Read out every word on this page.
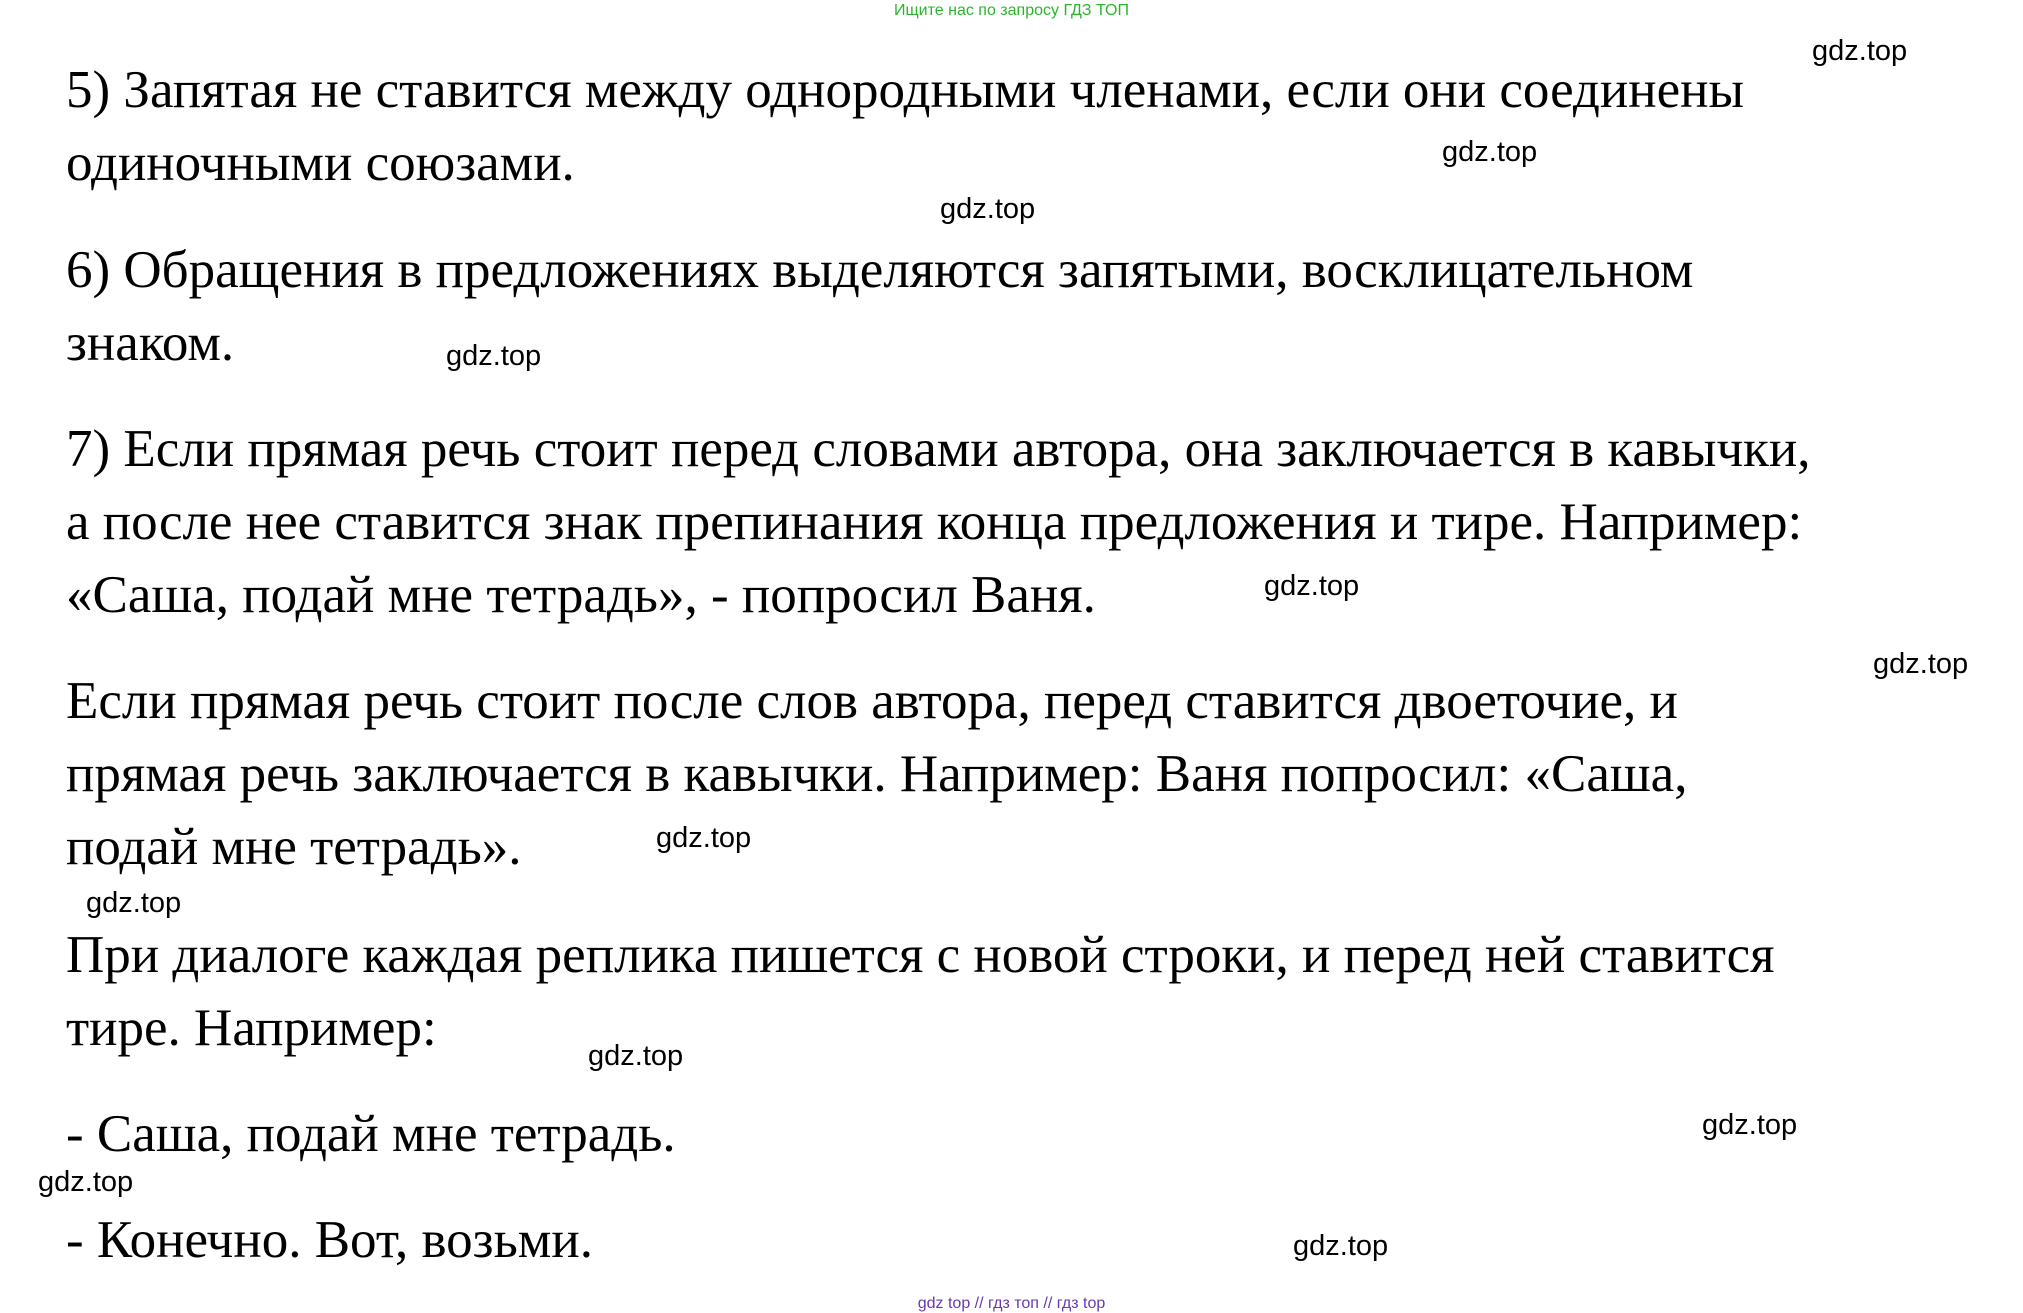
Ищите нас по запросу ГДЗ ТОП
5) Запятая не ставится между однородными членами, если они соединены
одиночными союзами.
6) Обращения в предложениях выделяются запятыми, восклицательном
знаком.
7) Если прямая речь стоит перед словами автора, она заключается в кавычки,
а после нее ставится знак препинания конца предложения и тире. Например:
«Саша, подай мне тетрадь», - попросил Ваня.
Если прямая речь стоит после слов автора, перед ставится двоеточие, и
прямая речь заключается в кавычки. Например: Ваня попросил: «Саша,
подай мне тетрадь».
При диалоге каждая реплика пишется с новой строки, и перед ней ставится
тире. Например:
- Саша, подай мне тетрадь.
- Конечно. Вот, возьми.
gdz.top
gdz.top
gdz.top
gdz.top
gdz.top
gdz.top
gdz.top
gdz.top
gdz.top
gdz.top
gdz.top
gdz.top
gdz top // гдз топ // гдз top
